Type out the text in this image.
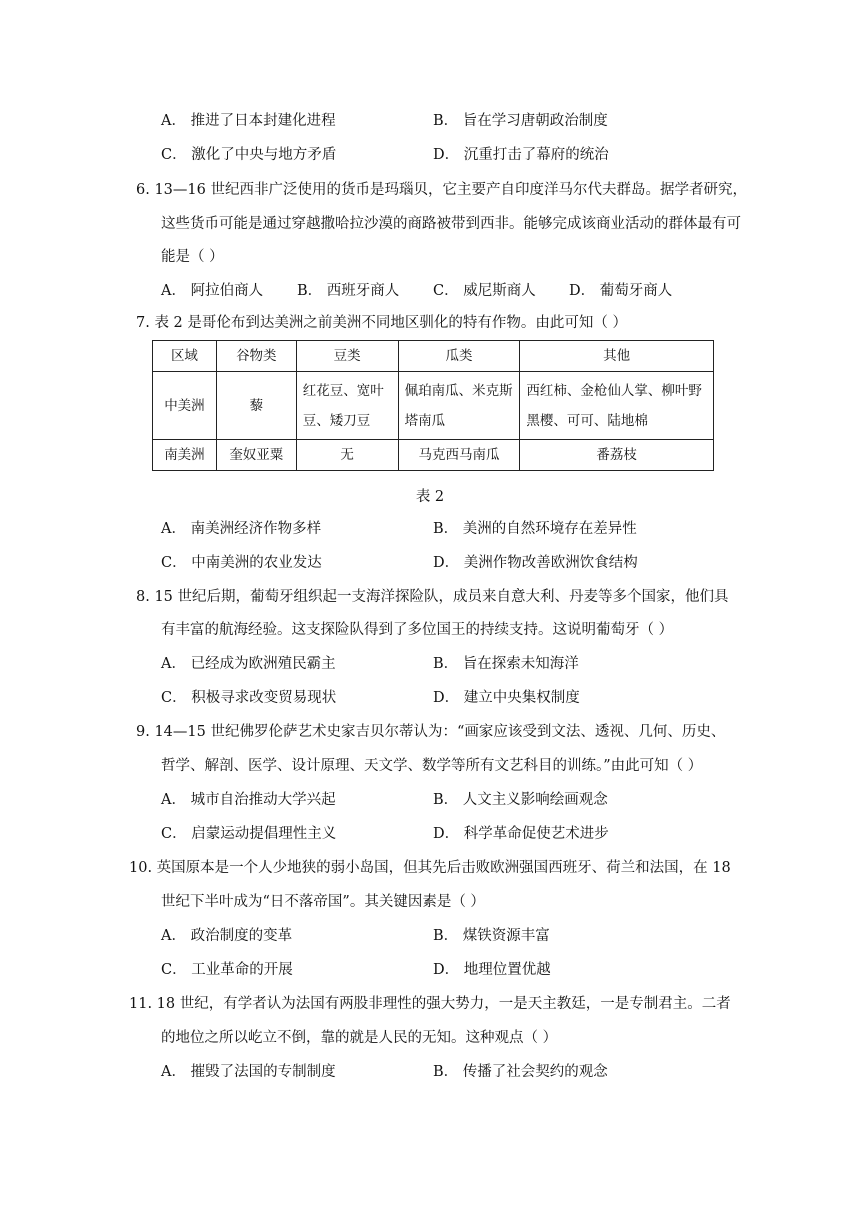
A． 推进了日本封建化进程	B． 旨在学习唐朝政治制度
C． 激化了中央与地方矛盾	D． 沉重打击了幕府的统治
6. 13—16 世纪西非广泛使用的货币是玛瑙贝，它主要产自印度洋马尔代夫群岛。据学者研究，
这些货币可能是通过穿越撒哈拉沙漠的商路被带到西非。能够完成该商业活动的群体最有可
能是（ ）
A． 阿拉伯商人 B． 西班牙商人 C． 威尼斯商人 D． 葡萄牙商人
7. 表 2 是哥伦布到达美洲之前美洲不同地区驯化的特有作物。由此可知（ ）
区域	谷物类	豆类	瓜类	其他
中美洲	藜	红花豆、宽叶豆、矮刀豆	佩珀南瓜、米克斯塔南瓜	西红柿、金枪仙人掌、柳叶野黑樱、可可、陆地棉
南美洲	奎奴亚粟	无	马克西马南瓜	番荔枝
表 2
A． 南美洲经济作物多样	B． 美洲的自然环境存在差异性
C． 中南美洲的农业发达	D． 美洲作物改善欧洲饮食结构
8. 15 世纪后期，葡萄牙组织起一支海洋探险队，成员来自意大利、丹麦等多个国家，他们具
有丰富的航海经验。这支探险队得到了多位国王的持续支持。这说明葡萄牙（ ）
A． 已经成为欧洲殖民霸主	B． 旨在探索未知海洋
C． 积极寻求改变贸易现状	D． 建立中央集权制度
9. 14—15 世纪佛罗伦萨艺术史家吉贝尔蒂认为：“画家应该受到文法、透视、几何、历史、
哲学、解剖、医学、设计原理、天文学、数学等所有文艺科目的训练。”由此可知（ ）
A． 城市自治推动大学兴起	B． 人文主义影响绘画观念
C． 启蒙运动提倡理性主义	D． 科学革命促使艺术进步
10. 英国原本是一个人少地狭的弱小岛国，但其先后击败欧洲强国西班牙、荷兰和法国，在 18
世纪下半叶成为“日不落帝国”。其关键因素是（ ）
A． 政治制度的变革	B． 煤铁资源丰富
C． 工业革命的开展	D． 地理位置优越
11. 18 世纪，有学者认为法国有两股非理性的强大势力，一是天主教廷，一是专制君主。二者
的地位之所以屹立不倒，靠的就是人民的无知。这种观点（ ）
A． 摧毁了法国的专制制度	B． 传播了社会契约的观念
